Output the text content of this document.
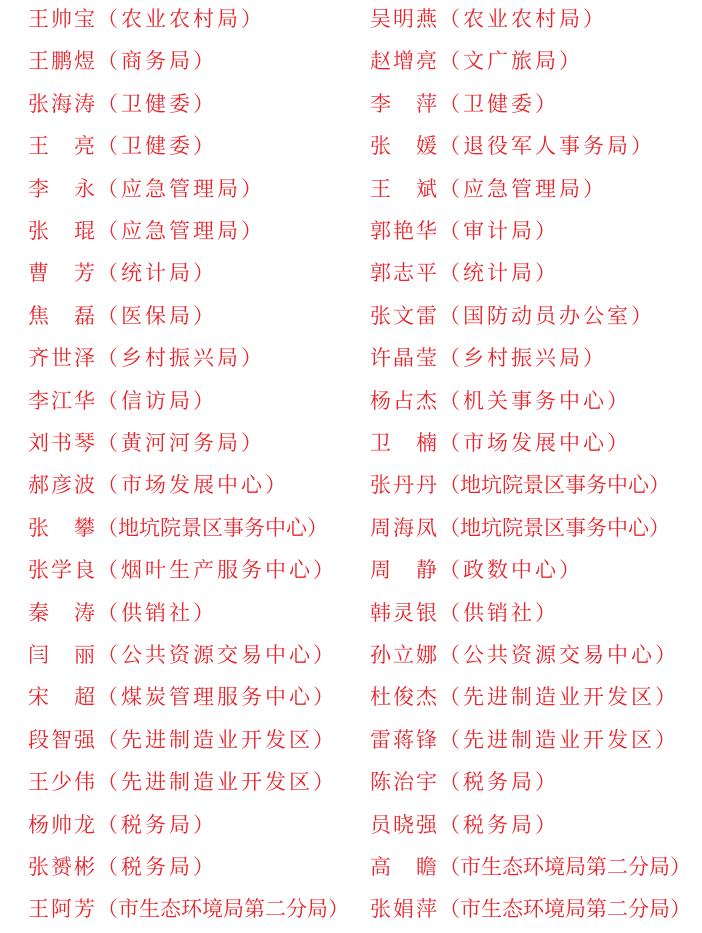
王帅宝（农业农村局）	吴明燕（农业农村局）
王鹏煜（商务局）	赵增亮（文广旅局）
张海涛（卫健委）	李　萍（卫健委）
王　亮（卫健委）	张　媛（退役军人事务局）
李　永（应急管理局）	王　斌（应急管理局）
张　琨（应急管理局）	郭艳华（审计局）
曹　芳（统计局）	郭志平（统计局）
焦　磊（医保局）	张文雷（国防动员办公室）
齐世泽（乡村振兴局）	许晶莹（乡村振兴局）
李江华（信访局）	杨占杰（机关事务中心）
刘书琴（黄河河务局）	卫　楠（市场发展中心）
郝彦波（市场发展中心）	张丹丹（地坑院景区事务中心）
张　攀（地坑院景区事务中心） 周海凤（地坑院景区事务中心）
张学良（烟叶生产服务中心） 周　静（政数中心）
秦　涛（供销社）	韩灵银（供销社）
闫　丽（公共资源交易中心） 孙立娜（公共资源交易中心）
宋　超（煤炭管理服务中心） 杜俊杰（先进制造业开发区）
段智强（先进制造业开发区） 雷蒋锋（先进制造业开发区）
王少伟（先进制造业开发区） 陈治宇（税务局）
杨帅龙（税务局）	员晓强（税务局）
张赟彬（税务局）	高　瞻（市生态环境局第二分局）
王阿芳（市生态环境局第二分局） 张娟萍（市生态环境局第二分局）
